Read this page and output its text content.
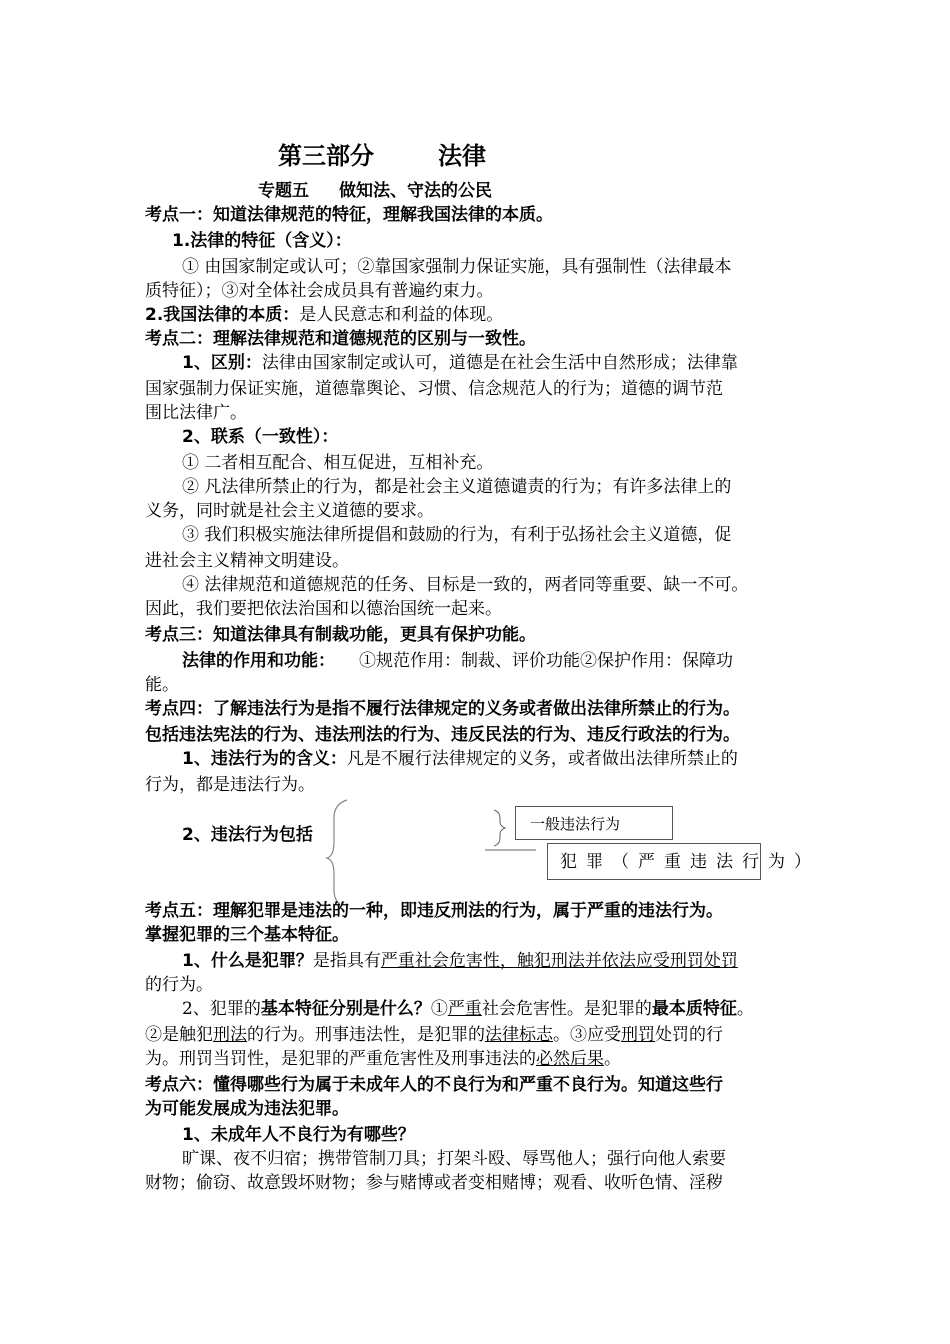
第三部分	法律
专题五 做知法、守法的公民
考点一：知道法律规范的特征，理解我国法律的本质。
1.法律的特征（含义）：
① 由国家制定或认可；②靠国家强制力保证实施，具有强制性（法律最本
质特征）；③对全体社会成员具有普遍约束力。
2.我国法律的本质：是人民意志和利益的体现。
考点二：理解法律规范和道德规范的区别与一致性。
1、区别：法律由国家制定或认可，道德是在社会生活中自然形成；法律靠
国家强制力保证实施，道德靠舆论、习惯、信念规范人的行为；道德的调节范
围比法律广。
2、联系（一致性）：
① 二者相互配合、相互促进，互相补充。
② 凡法律所禁止的行为，都是社会主义道德谴责的行为；有许多法律上的
义务，同时就是社会主义道德的要求。
③ 我们积极实施法律所提倡和鼓励的行为，有利于弘扬社会主义道德，促
进社会主义精神文明建设。
④ 法律规范和道德规范的任务、目标是一致的，两者同等重要、缺一不可。
因此，我们要把依法治国和以德治国统一起来。
考点三：知道法律具有制裁功能，更具有保护功能。
法律的作用和功能： ①规范作用：制裁、评价功能②保护作用：保障功
能。
考点四：了解违法行为是指不履行法律规定的义务或者做出法律所禁止的行为。
包括违法宪法的行为、违法刑法的行为、违反民法的行为、违反行政法的行为。
1、违法行为的含义：凡是不履行法律规定的义务，或者做出法律所禁止的
行为，都是违法行为。
2、违法行为包括
一般违法行为
犯罪（严重违法行为）
考点五：理解犯罪是违法的一种，即违反刑法的行为，属于严重的违法行为。
掌握犯罪的三个基本特征。
1、什么是犯罪？是指具有严重社会危害性，触犯刑法并依法应受刑罚处罚
的行为。
2、犯罪的基本特征分别是什么？①严重社会危害性。是犯罪的最本质特征。
②是触犯刑法的行为。刑事违法性，是犯罪的法律标志。③应受刑罚处罚的行
为。刑罚当罚性，是犯罪的严重危害性及刑事违法的必然后果。
考点六：懂得哪些行为属于未成年人的不良行为和严重不良行为。知道这些行
为可能发展成为违法犯罪。
1、未成年人不良行为有哪些？
旷课、夜不归宿；携带管制刀具；打架斗殴、辱骂他人；强行向他人索要
财物；偷窃、故意毁坏财物；参与赌博或者变相赌博；观看、收听色情、淫秽
